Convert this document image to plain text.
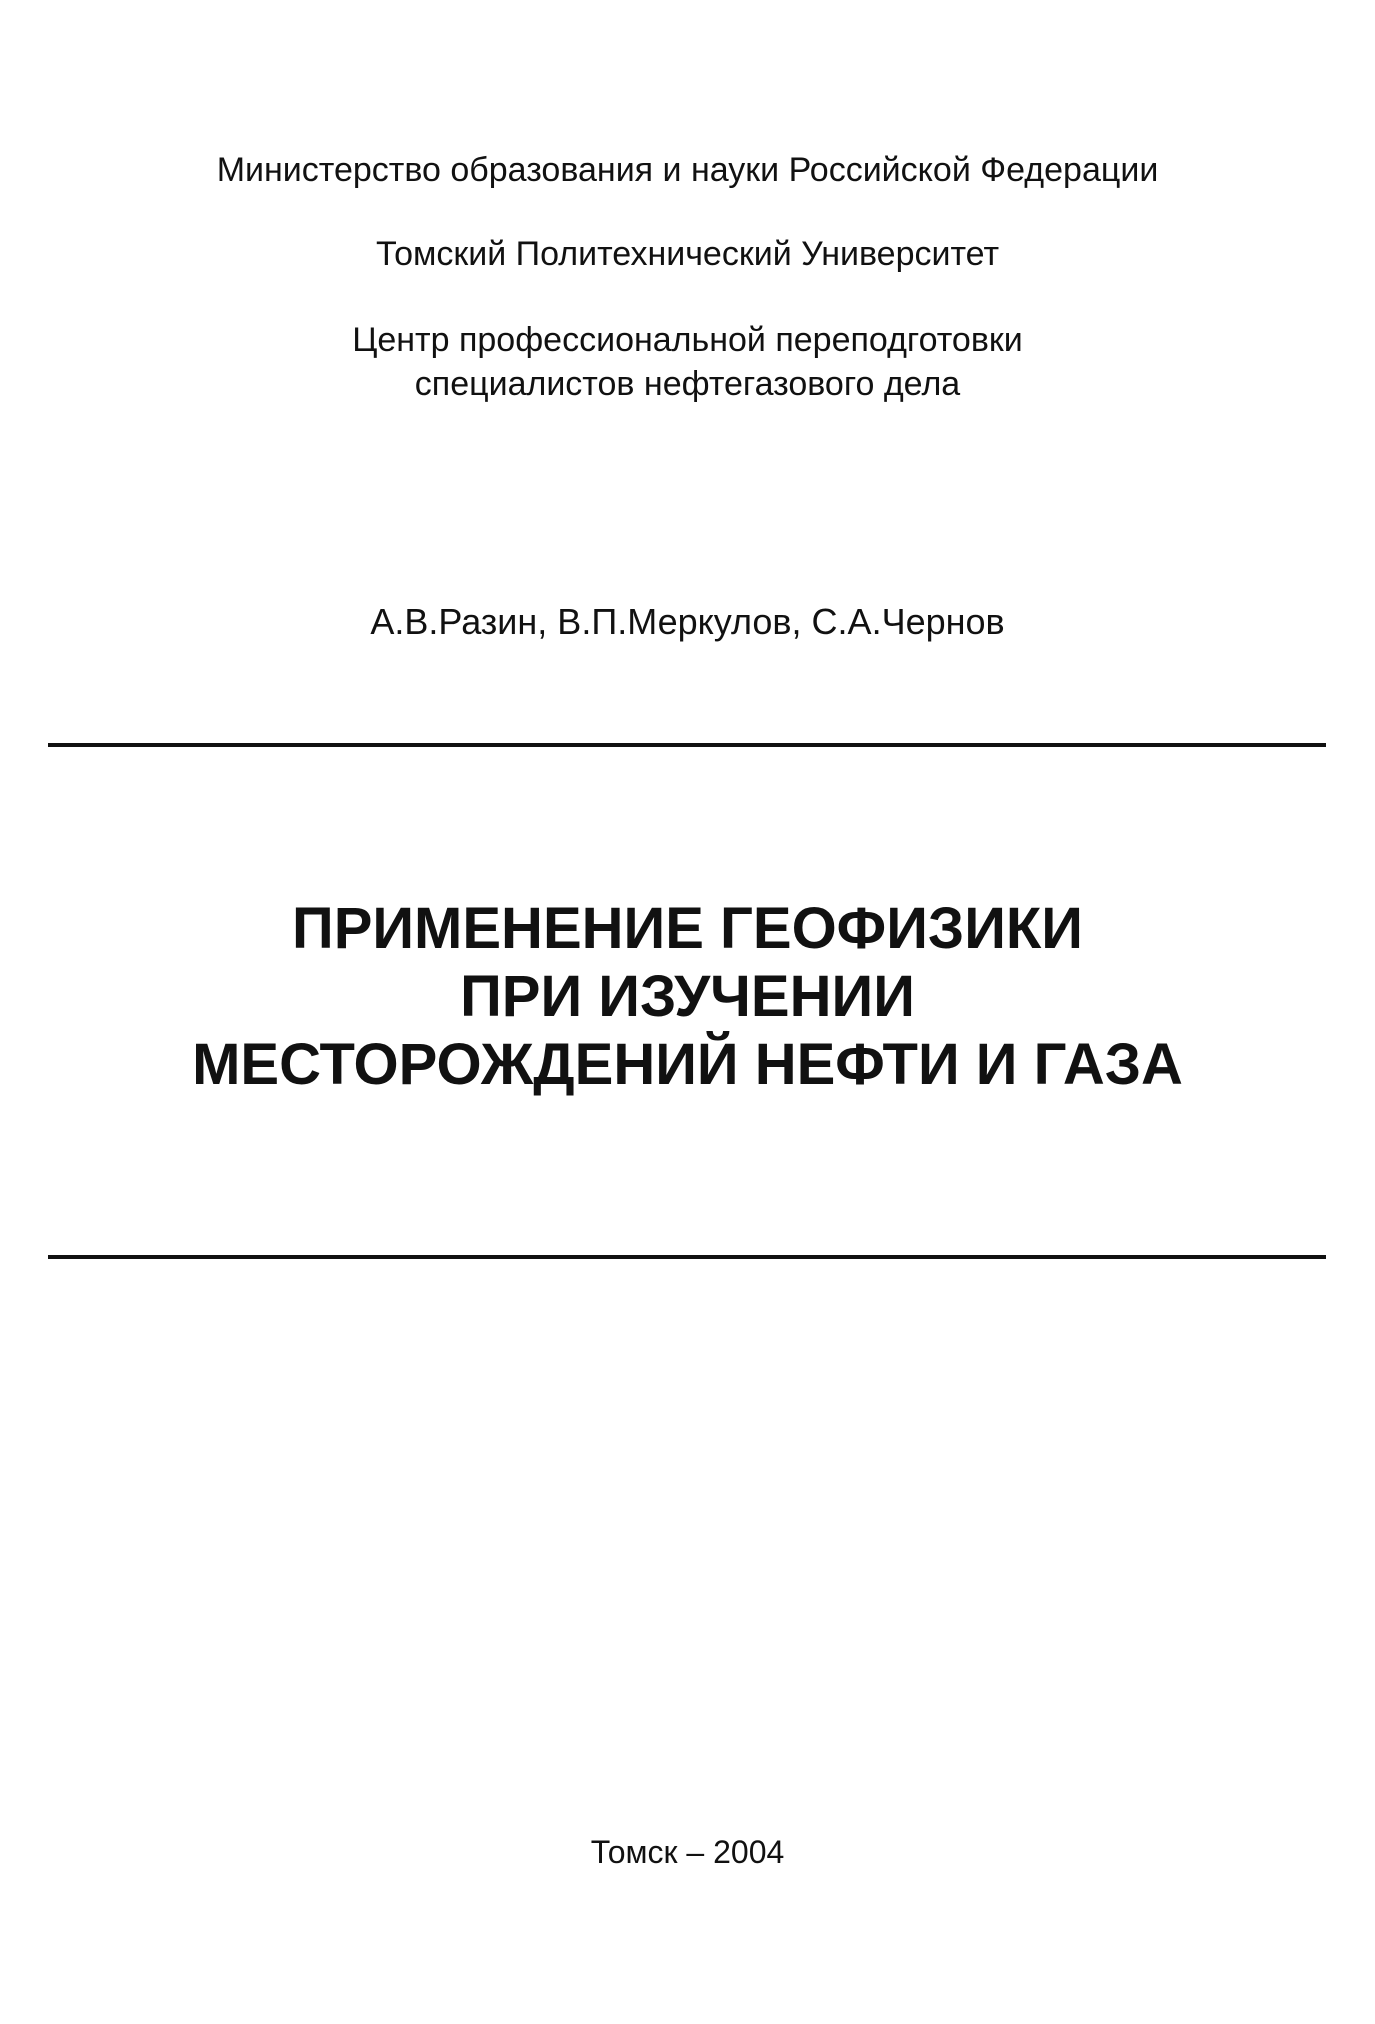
Министерство образования и науки Российской Федерации
Томский Политехнический Университет
Центр профессиональной переподготовки
специалистов нефтегазового дела
А.В.Разин, В.П.Меркулов, С.А.Чернов
ПРИМЕНЕНИЕ ГЕОФИЗИКИ
ПРИ ИЗУЧЕНИИ
МЕСТОРОЖДЕНИЙ НЕФТИ И ГАЗА
Томск – 2004
